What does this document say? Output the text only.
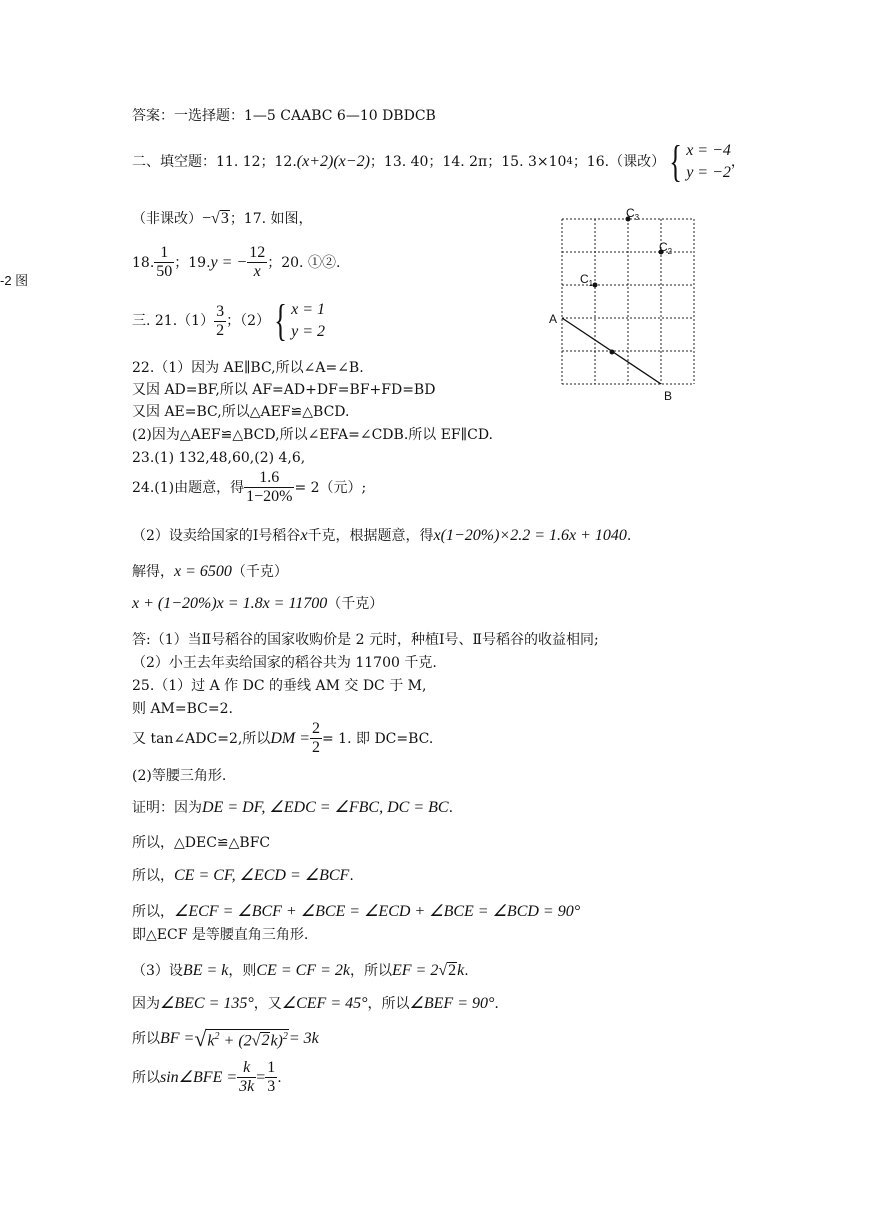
-2 图
答案：一选择题：1—5 CAABC 6—10 DBDCB
二、填空题：11. 12；12. (x+2)(x−2) ；13. 40；14. 2π；15. 3×10 4 ；16.（课改） { x = −4
y = −2
，
（非课改） − √ 3 ；17. 如图，
18. $\frac{1}{50}$ ；19. y = − $\frac{12}{x}$ ；20. ①②.
三. $21.(1) \frac{3}{2}$ ；（2） { x = 1
y = 2
22.（1）因为 AE∥BC,所以∠A=∠B.
又因 AD=BF,所以 AF=AD+DF=BF+FD=BD
又因 AE=BC,所以△AEF≌△BCD.
(2)因为△AEF≌△BCD,所以∠EFA=∠CDB.所以 EF∥CD.
23.(1) 132,48,60,(2) 4,6,
24.(1)由题意，得 $\frac{1.6}{1-20\%} = 2$（元）;
（2）设卖给国家的Ⅰ号稻谷 x 千克，根据题意，得 x(1−20%)×2.2 = 1.6x + 1040 .
解得， x = 6500 （千克）
x + (1−20%)x = 1.8x = 11700 （千克）
答:（1）当Ⅱ号稻谷的国家收购价是 2 元时，种植Ⅰ号、Ⅱ号稻谷的收益相同;
（2）小王去年卖给国家的稻谷共为 11700 千克.
25.（1）过 A 作 DC 的垂线 AM 交 DC 于 M,
则 AM=BC=2.
又 tan∠ADC=2,所以 DM = $\frac{2}{2} = 1$. 即 DC=BC.
(2)等腰三角形.
证明：因为 DE = DF, ∠EDC = ∠FBC, DC = BC .
所以，△DEC≌△BFC
所以， CE = CF, ∠ECD = ∠BCF .
所以， ∠ECF = ∠BCF + ∠BCE = ∠ECD + ∠BCE = ∠BCD = 90°
即△ECF 是等腰直角三角形.
（3）设 BE = k ，则 CE = CF = 2k ，所以 EF = 2 √ 2 k .
因为 ∠BEC = 135° ，又 ∠CEF = 45° ，所以 ∠BEF = 90° .
所以 BF = √ $k^2 + (2√2k)^2 = 3k$
所以 sin∠BFE = $\frac{k}{3k} = \frac{1}{3}$ .
$C_3$
$C_2$
$C_1$
A
B
